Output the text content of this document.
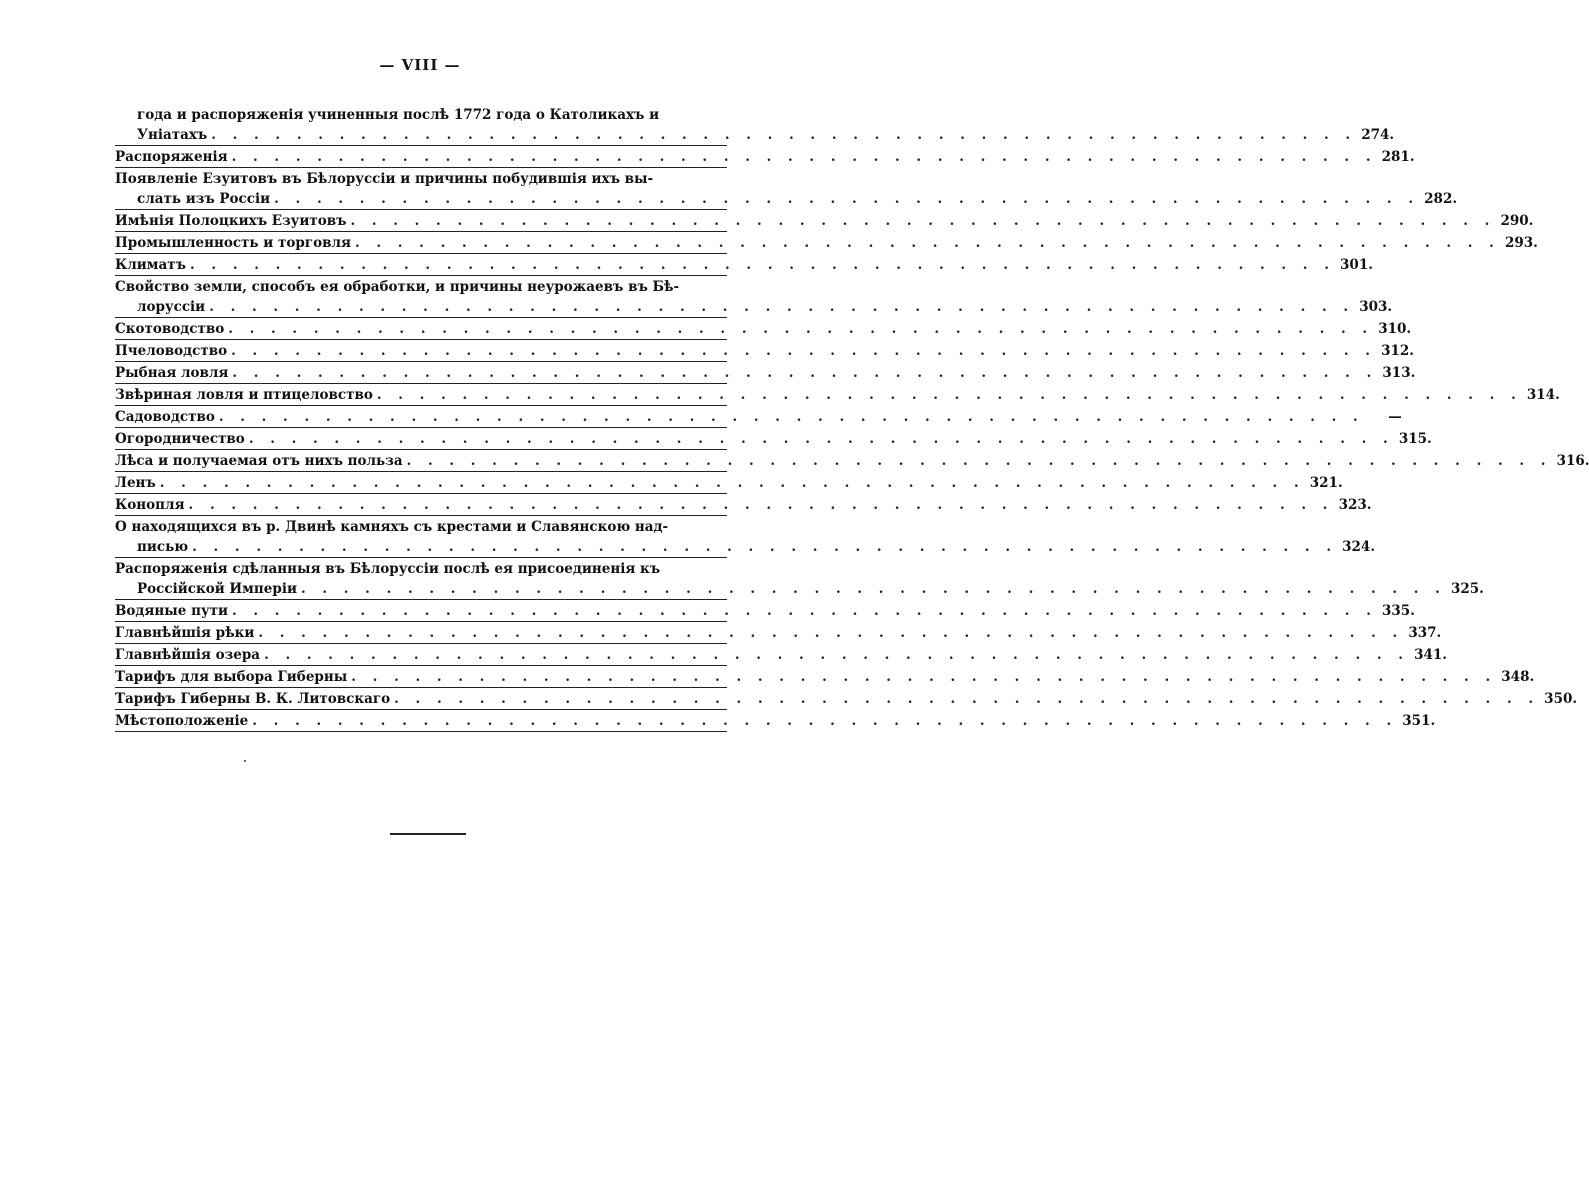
— VIII —
года и распоряженія учиненныя послѣ 1772 года о Католикахъ и
Уніатахъ . . . . . . . . . . . . . . . . . . . . . . . . . . . . . . . . . . . . . . . . . . . . . . . . . . . . . . 274.
Распоряженія . . . . . . . . . . . . . . . . . . . . . . . . . . . . . . . . . . . . . . . . . . . . . . . . . . . . . . 281.
Появленіе Езуитовъ въ Бѣлоруссіи и причины побудившія ихъ вы-
слать изъ Россіи . . . . . . . . . . . . . . . . . . . . . . . . . . . . . . . . . . . . . . . . . . . . . . . . . . . . . . 282.
Имѣнія Полоцкихъ Езуитовъ . . . . . . . . . . . . . . . . . . . . . . . . . . . . . . . . . . . . . . . . . . . . . . . . . . . . . . 290.
Промышленность и торговля . . . . . . . . . . . . . . . . . . . . . . . . . . . . . . . . . . . . . . . . . . . . . . . . . . . . . . 293.
Климатъ . . . . . . . . . . . . . . . . . . . . . . . . . . . . . . . . . . . . . . . . . . . . . . . . . . . . . . 301.
Свойство земли, способъ ея обработки, и причины неурожаевъ въ Бѣ-
лоруссіи . . . . . . . . . . . . . . . . . . . . . . . . . . . . . . . . . . . . . . . . . . . . . . . . . . . . . . 303.
Скотоводство . . . . . . . . . . . . . . . . . . . . . . . . . . . . . . . . . . . . . . . . . . . . . . . . . . . . . . 310.
Пчеловодство . . . . . . . . . . . . . . . . . . . . . . . . . . . . . . . . . . . . . . . . . . . . . . . . . . . . . . 312.
Рыбная ловля . . . . . . . . . . . . . . . . . . . . . . . . . . . . . . . . . . . . . . . . . . . . . . . . . . . . . . 313.
Звѣриная ловля и птицеловство . . . . . . . . . . . . . . . . . . . . . . . . . . . . . . . . . . . . . . . . . . . . . . . . . . . . . . 314.
Садоводство . . . . . . . . . . . . . . . . . . . . . . . . . . . . . . . . . . . . . . . . . . . . . . . . . . . . . .	—
Огородничество . . . . . . . . . . . . . . . . . . . . . . . . . . . . . . . . . . . . . . . . . . . . . . . . . . . . . . 315.
Лѣса и получаемая отъ нихъ польза . . . . . . . . . . . . . . . . . . . . . . . . . . . . . . . . . . . . . . . . . . . . . . . . . . . . . . 316.
Ленъ . . . . . . . . . . . . . . . . . . . . . . . . . . . . . . . . . . . . . . . . . . . . . . . . . . . . . . 321.
Конопля . . . . . . . . . . . . . . . . . . . . . . . . . . . . . . . . . . . . . . . . . . . . . . . . . . . . . . 323.
О находящихся въ р. Двинѣ камняхъ съ крестами и Славянскою над-
писью . . . . . . . . . . . . . . . . . . . . . . . . . . . . . . . . . . . . . . . . . . . . . . . . . . . . . . 324.
Распоряженія сдѣланныя въ Бѣлоруссіи послѣ ея присоединенія къ
Россійской Имперіи . . . . . . . . . . . . . . . . . . . . . . . . . . . . . . . . . . . . . . . . . . . . . . . . . . . . . . 325.
Водяные пути . . . . . . . . . . . . . . . . . . . . . . . . . . . . . . . . . . . . . . . . . . . . . . . . . . . . . . 335.
Главнѣйшія рѣки . . . . . . . . . . . . . . . . . . . . . . . . . . . . . . . . . . . . . . . . . . . . . . . . . . . . . . 337.
Главнѣйшія озера . . . . . . . . . . . . . . . . . . . . . . . . . . . . . . . . . . . . . . . . . . . . . . . . . . . . . . 341.
Тарифъ для выбора Гиберны . . . . . . . . . . . . . . . . . . . . . . . . . . . . . . . . . . . . . . . . . . . . . . . . . . . . . . 348.
Тарифъ Гиберны В. К. Литовскаго . . . . . . . . . . . . . . . . . . . . . . . . . . . . . . . . . . . . . . . . . . . . . . . . . . . . . . 350.
Мѣстоположеніе . . . . . . . . . . . . . . . . . . . . . . . . . . . . . . . . . . . . . . . . . . . . . . . . . . . . . . 351.
